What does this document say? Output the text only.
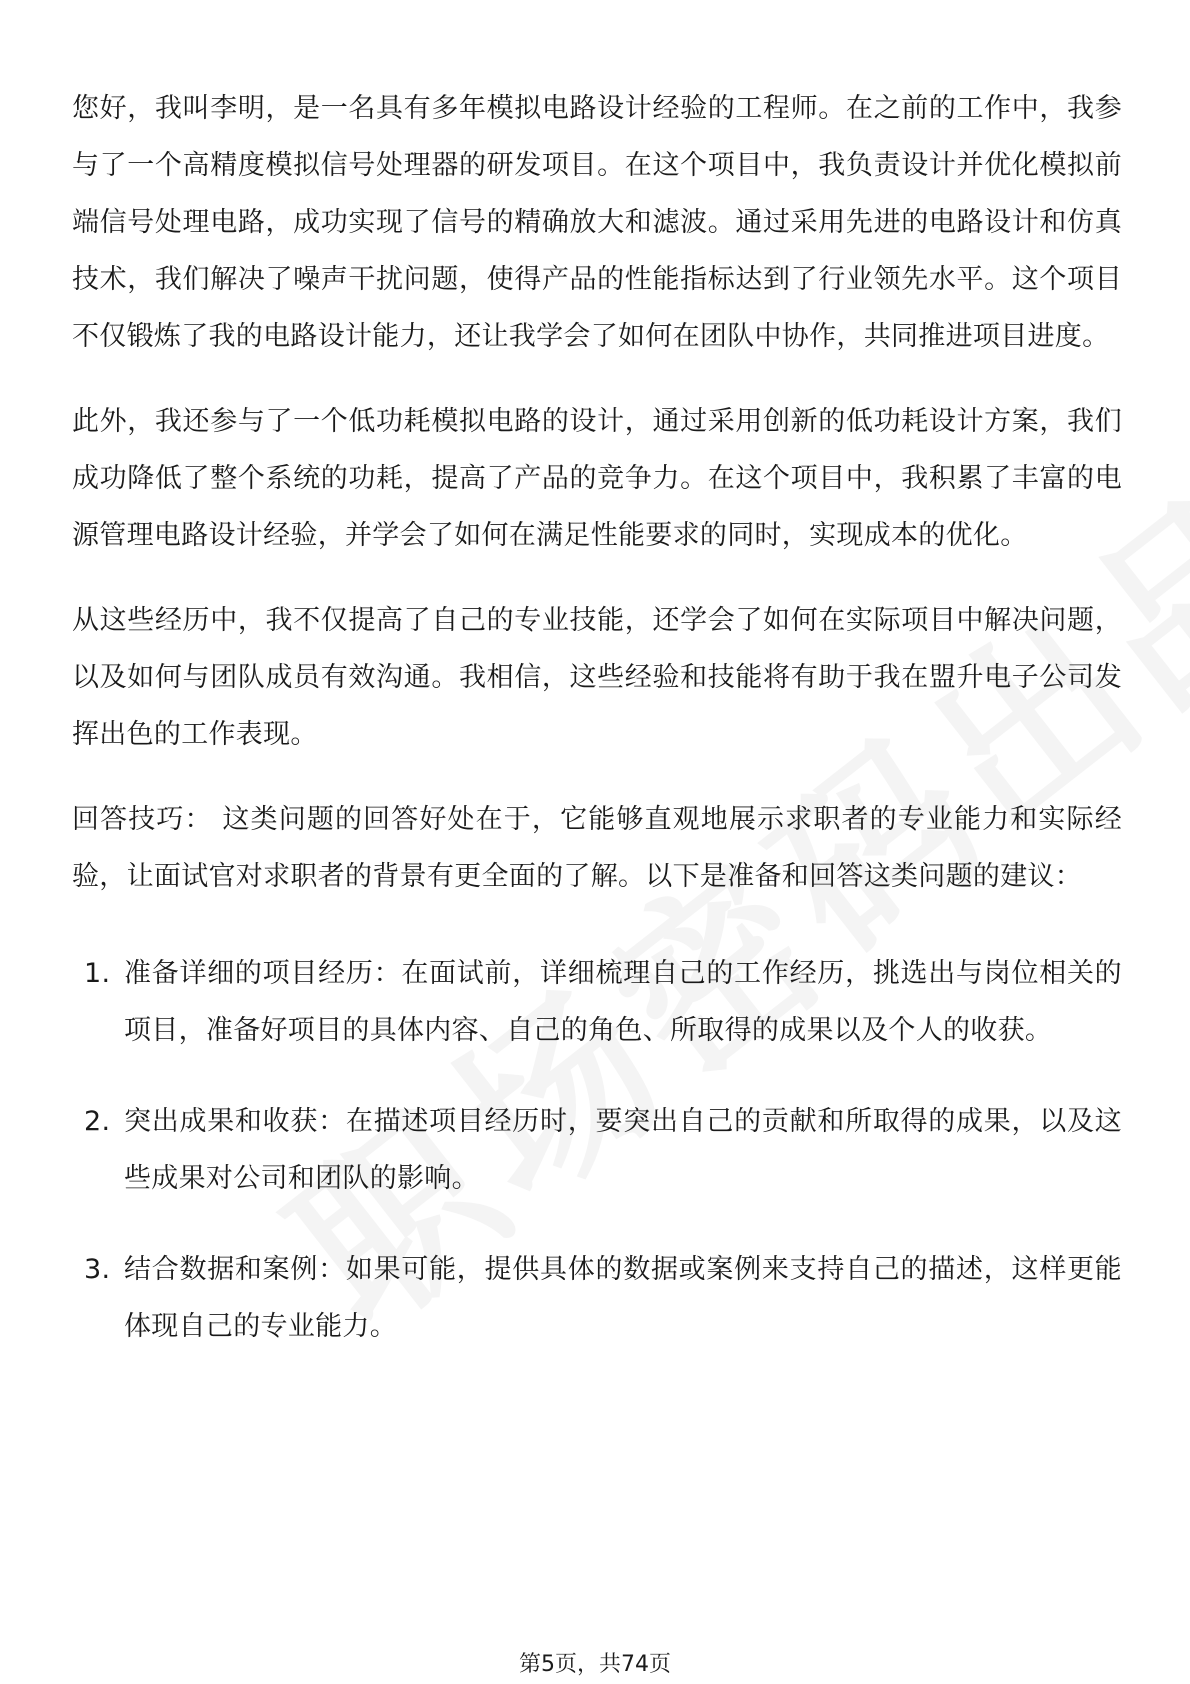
您好，我叫李明，是一名具有多年模拟电路设计经验的工程师。在之前的工作中，我参与了一个高精度模拟信号处理器的研发项目。在这个项目中，我负责设计并优化模拟前端信号处理电路，成功实现了信号的精确放大和滤波。通过采用先进的电路设计和仿真技术，我们解决了噪声干扰问题，使得产品的性能指标达到了行业领先水平。这个项目不仅锻炼了我的电路设计能力，还让我学会了如何在团队中协作，共同推进项目进度。

此外，我还参与了一个低功耗模拟电路的设计，通过采用创新的低功耗设计方案，我们成功降低了整个系统的功耗，提高了产品的竞争力。在这个项目中，我积累了丰富的电源管理电路设计经验，并学会了如何在满足性能要求的同时，实现成本的优化。

从这些经历中，我不仅提高了自己的专业技能，还学会了如何在实际项目中解决问题，以及如何与团队成员有效沟通。我相信，这些经验和技能将有助于我在盟升电子公司发挥出色的工作表现。

回答技巧： 这类问题的回答好处在于，它能够直观地展示求职者的专业能力和实际经验，让面试官对求职者的背景有更全面的了解。以下是准备和回答这类问题的建议：

1. 准备详细的项目经历：在面试前，详细梳理自己的工作经历，挑选出与岗位相关的项目，准备好项目的具体内容、自己的角色、所取得的成果以及个人的收获。
2. 突出成果和收获：在描述项目经历时，要突出自己的贡献和所取得的成果，以及这些成果对公司和团队的影响。
3. 结合数据和案例：如果可能，提供具体的数据或案例来支持自己的描述，这样更能体现自己的专业能力。
第5页，共74页
